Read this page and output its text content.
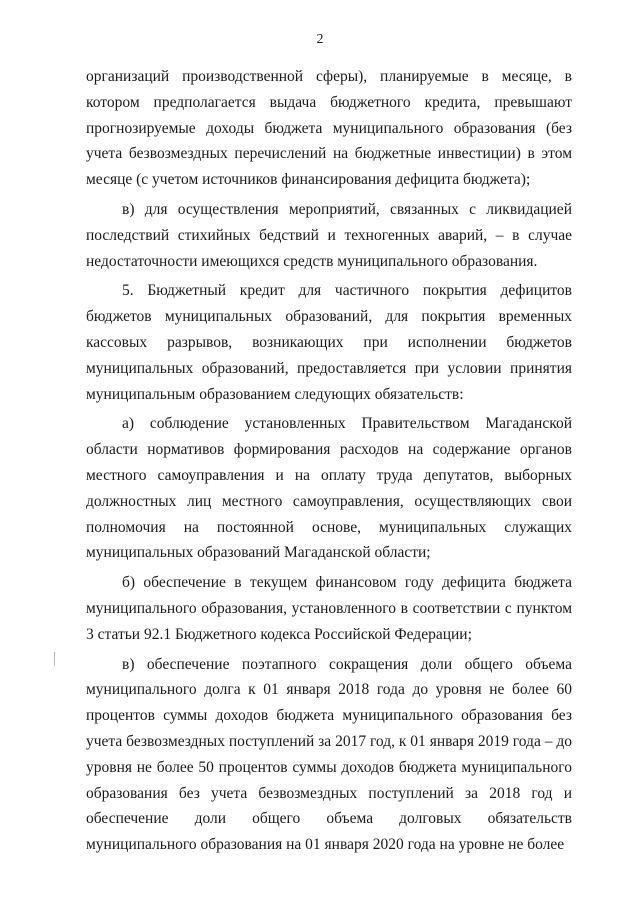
2

организаций производственной сферы), планируемые в месяце, в котором предполагается выдача бюджетного кредита, превышают прогнозируемые доходы бюджета муниципального образования (без учета безвозмездных перечислений на бюджетные инвестиции) в этом месяце (с учетом источников финансирования дефицита бюджета);

в) для осуществления мероприятий, связанных с ликвидацией последствий стихийных бедствий и техногенных аварий, – в случае недостаточности имеющихся средств муниципального образования.

5. Бюджетный кредит для частичного покрытия дефицитов бюджетов муниципальных образований, для покрытия временных кассовых разрывов, возникающих при исполнении бюджетов муниципальных образований, предоставляется при условии принятия муниципальным образованием следующих обязательств:

а) соблюдение установленных Правительством Магаданской области нормативов формирования расходов на содержание органов местного самоуправления и на оплату труда депутатов, выборных должностных лиц местного самоуправления, осуществляющих свои полномочия на постоянной основе, муниципальных служащих муниципальных образований Магаданской области;

б) обеспечение в текущем финансовом году дефицита бюджета муниципального образования, установленного в соответствии с пунктом 3 статьи 92.1 Бюджетного кодекса Российской Федерации;

в) обеспечение поэтапного сокращения доли общего объема муниципального долга к 01 января 2018 года до уровня не более 60 процентов суммы доходов бюджета муниципального образования без учета безвозмездных поступлений за 2017 год, к 01 января 2019 года – до уровня не более 50 процентов суммы доходов бюджета муниципального образования без учета безвозмездных поступлений за 2018 год и обеспечение доли общего объема долговых обязательств муниципального образования на 01 января 2020 года на уровне не более
